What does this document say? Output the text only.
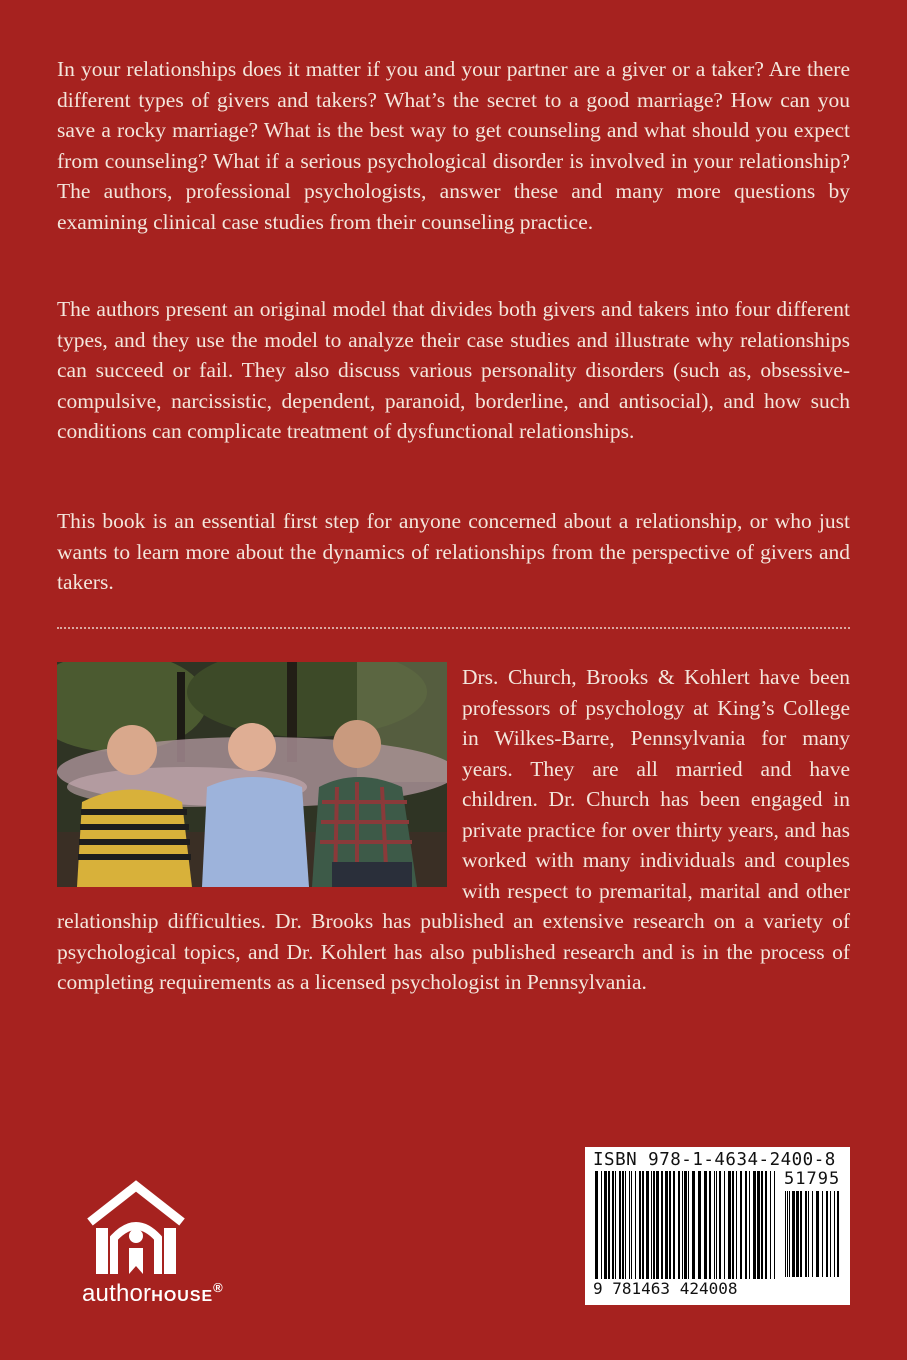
In your relationships does it matter if you and your partner are a giver or a taker? Are there different types of givers and takers? What’s the secret to a good marriage? How can you save a rocky marriage? What is the best way to get counseling and what should you expect from counseling? What if a serious psychological disorder is involved in your relationship? The authors, professional psychologists, answer these and many more questions by examining clinical case studies from their counseling practice.

The authors present an original model that divides both givers and takers into four different types, and they use the model to analyze their case studies and illustrate why relationships can succeed or fail. They also discuss various personality disorders (such as, obsessive-compulsive, narcissistic, dependent, paranoid, borderline, and antisocial), and how such conditions can complicate treatment of dysfunctional relationships.

This book is an essential first step for anyone concerned about a relationship, or who just wants to learn more about the dynamics of relationships from the perspective of givers and takers.

Drs. Church, Brooks & Kohlert have been professors of psychology at King’s College in Wilkes-Barre, Pennsylvania for many years. They are all married and have children. Dr. Church has been engaged in private practice for over thirty years, and has worked with many individuals and couples with respect to premarital, marital and other relationship difficulties. Dr. Brooks has published an extensive research on a variety of psychological topics, and Dr. Kohlert has also published research and is in the process of completing requirements as a licensed psychologist in Pennsylvania.

authorHOUSE®
ISBN 978-1-4634-2400-8
51795
9 781463 424008
